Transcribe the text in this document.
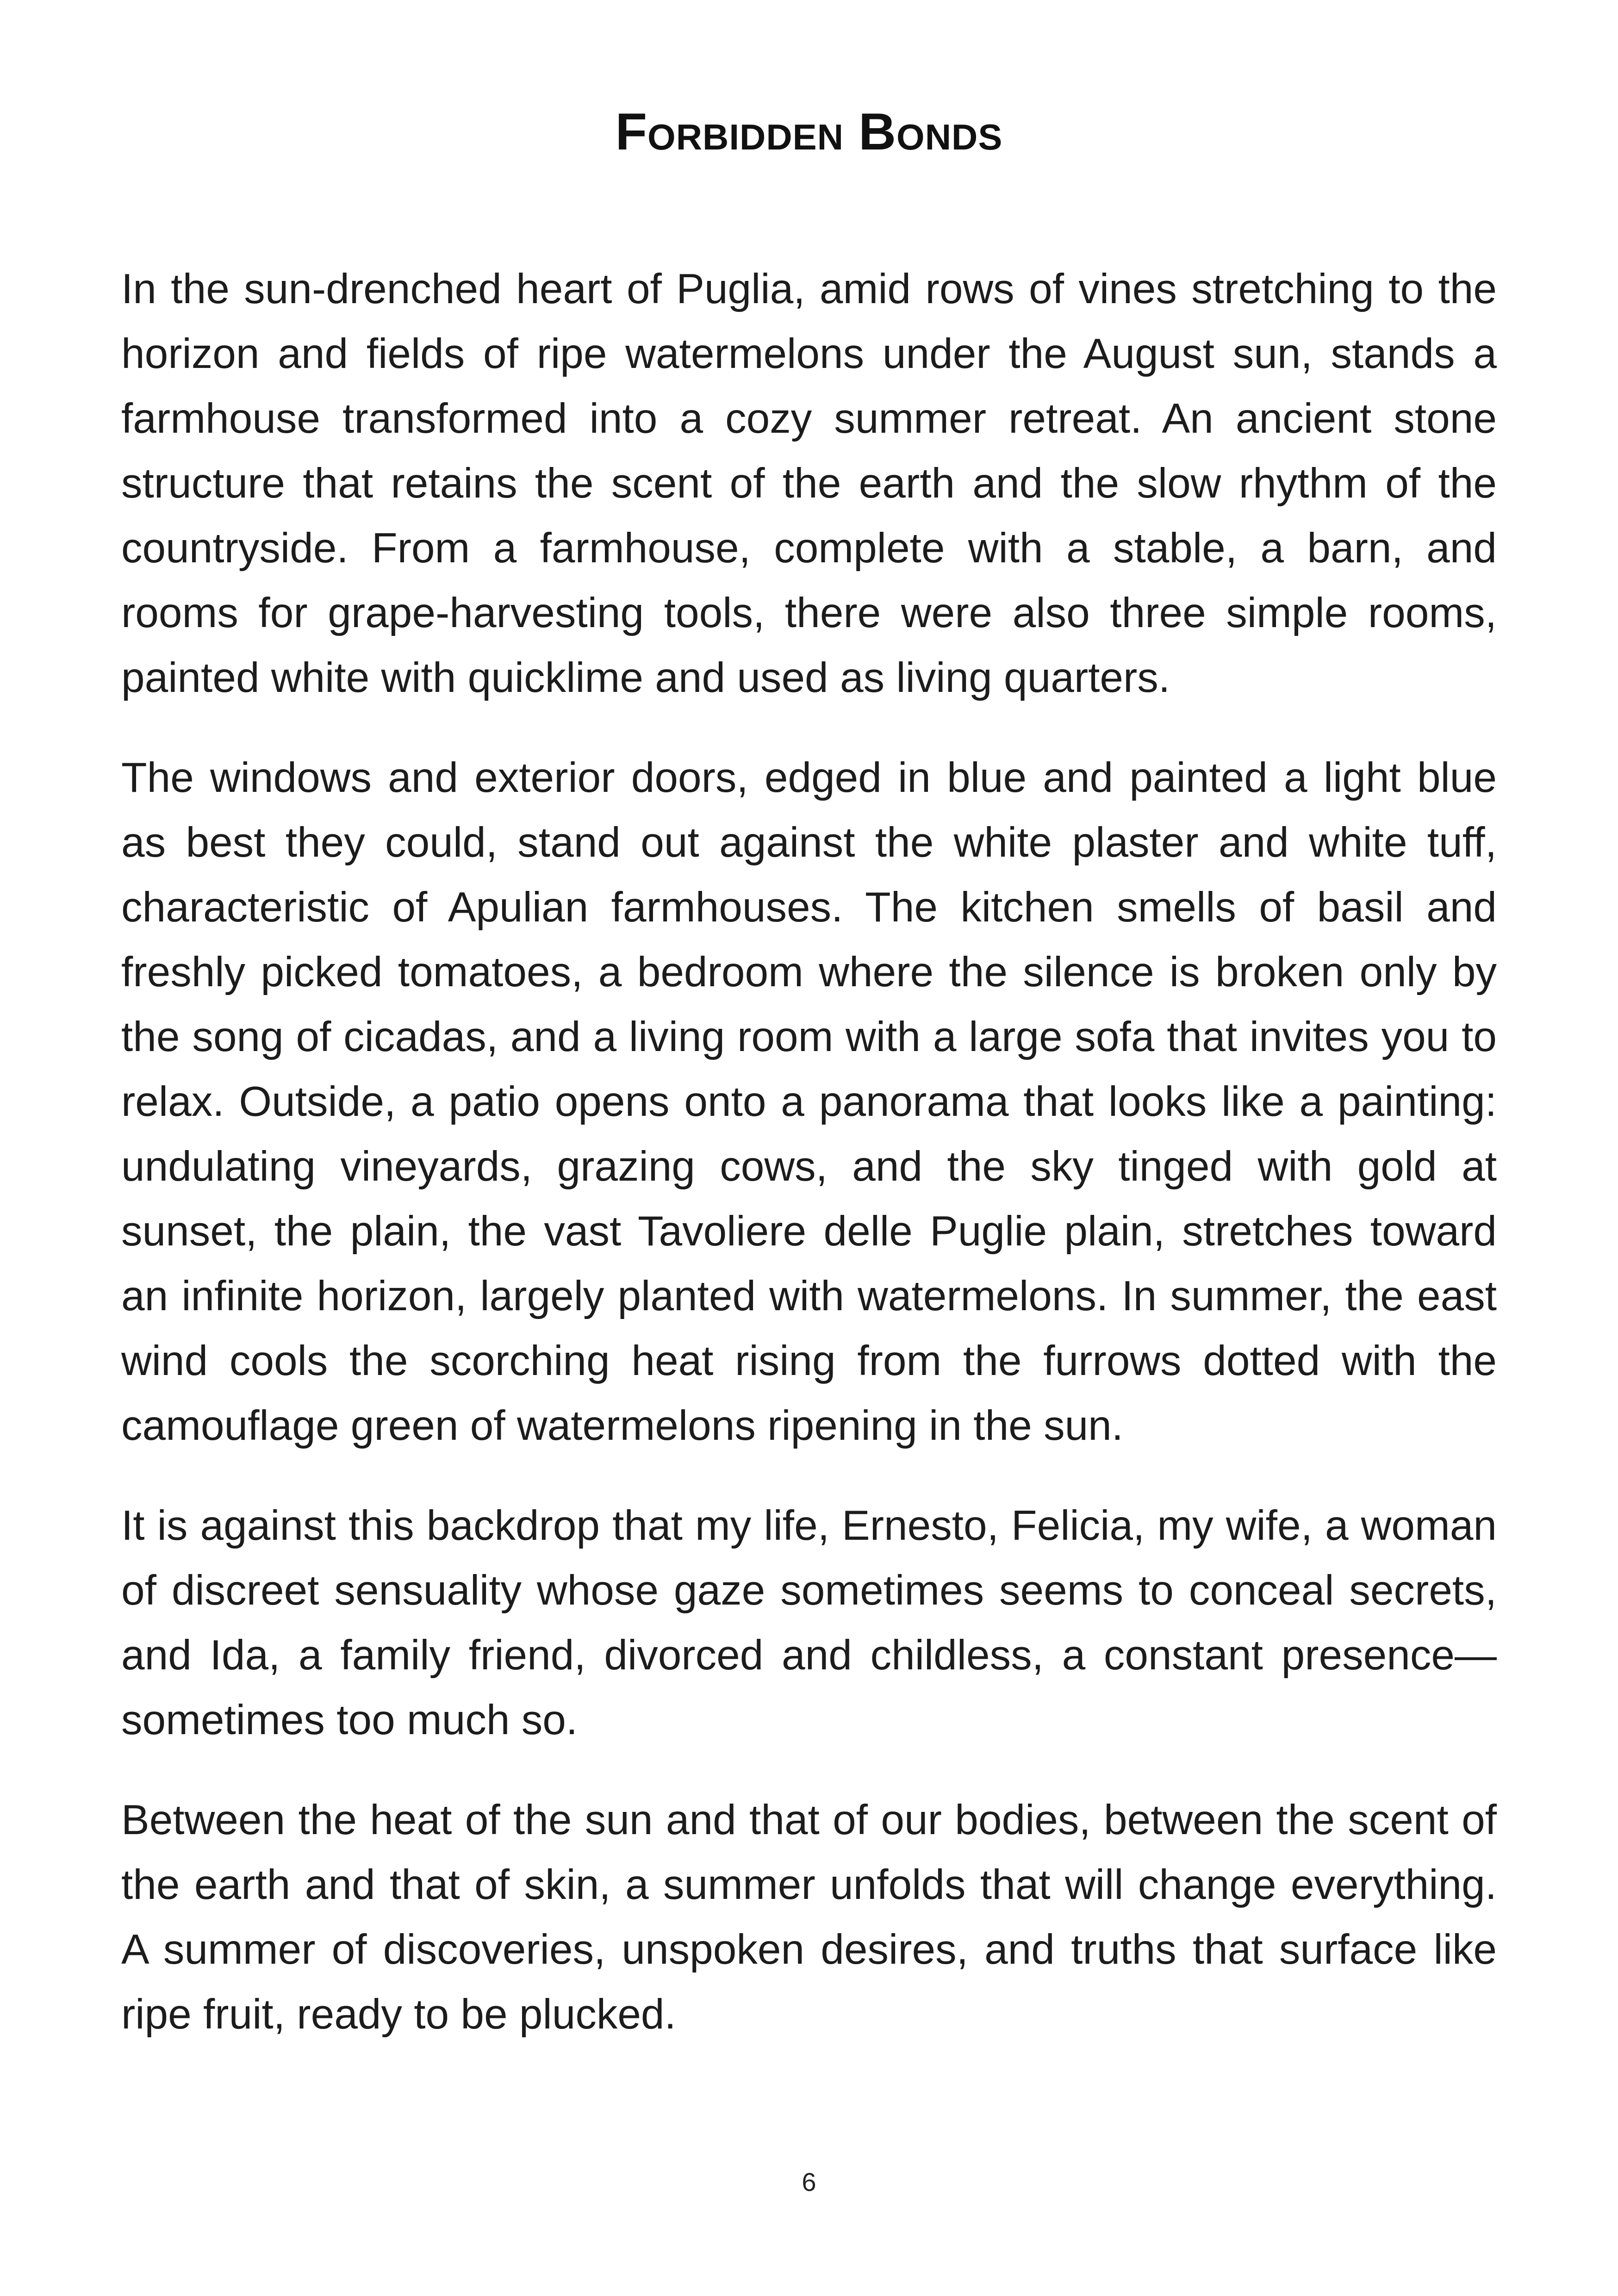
Forbidden Bonds

In the sun-drenched heart of Puglia, amid rows of vines stretching to the horizon and fields of ripe watermelons under the August sun, stands a farmhouse transformed into a cozy summer retreat. An ancient stone structure that retains the scent of the earth and the slow rhythm of the countryside. From a farmhouse, complete with a stable, a barn, and rooms for grape-harvesting tools, there were also three simple rooms, painted white with quicklime and used as living quarters.

The windows and exterior doors, edged in blue and painted a light blue as best they could, stand out against the white plaster and white tuff, characteristic of Apulian farmhouses. The kitchen smells of basil and freshly picked tomatoes, a bedroom where the silence is broken only by the song of cicadas, and a living room with a large sofa that invites you to relax. Outside, a patio opens onto a panorama that looks like a painting: undulating vineyards, grazing cows, and the sky tinged with gold at sunset, the plain, the vast Tavoliere delle Puglie plain, stretches toward an infinite horizon, largely planted with watermelons. In summer, the east wind cools the scorching heat rising from the furrows dotted with the camouflage green of watermelons ripening in the sun.

It is against this backdrop that my life, Ernesto, Felicia, my wife, a woman of discreet sensuality whose gaze sometimes seems to conceal secrets, and Ida, a family friend, divorced and childless, a constant presence—sometimes too much so.

Between the heat of the sun and that of our bodies, between the scent of the earth and that of skin, a summer unfolds that will change everything. A summer of discoveries, unspoken desires, and truths that surface like ripe fruit, ready to be plucked.

6
